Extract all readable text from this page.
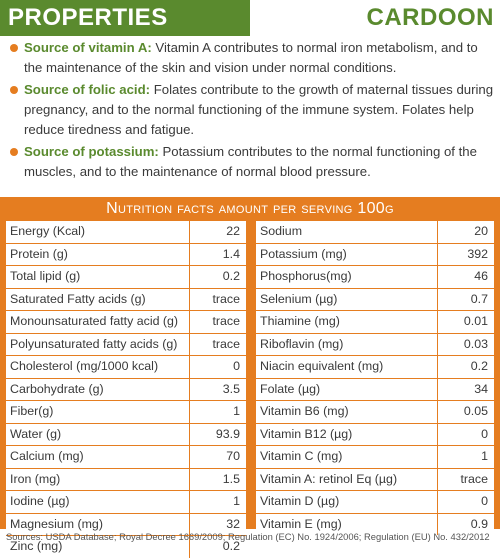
PROPERTIES	CARDOON
Source of vitamin A: Vitamin A contributes to normal iron metabolism, and to the maintenance of the skin and vision under normal conditions.
Source of folic acid: Folates contribute to the growth of maternal tissues during pregnancy, and to the normal functioning of the immune system. Folates help reduce tiredness and fatigue.
Source of potassium: Potassium contributes to the normal functioning of the muscles, and to the maintenance of normal blood pressure.
Nutrition facts amount per serving 100g
Energy (Kcal)	22
Protein (g)	1.4
Total lipid (g)	0.2
Saturated Fatty acids (g)	trace
Monounsaturated fatty acid (g)	trace
Polyunsaturated fatty acids (g)	trace
Cholesterol (mg/1000 kcal)	0
Carbohydrate (g)	3.5
Fiber(g)	1
Water (g)	93.9
Calcium (mg)	70
Iron (mg)	1.5
Iodine (µg)	1
Magnesium (mg)	32
Zinc (mg)	0.2
Sodium	20
Potassium (mg)	392
Phosphorus(mg)	46
Selenium (µg)	0.7
Thiamine (mg)	0.01
Riboflavin (mg)	0.03
Niacin equivalent (mg)	0.2
Folate (µg)	34
Vitamin B6 (mg)	0.05
Vitamin B12 (µg)	0
Vitamin C (mg)	1
Vitamin A: retinol Eq (µg)	trace
Vitamin D (µg)	0
Vitamin E (mg)	0.9
Sources: USDA Database; Royal Decree 1669/2009; Regulation (EC) No. 1924/2006; Regulation (EU) No. 432/2012
